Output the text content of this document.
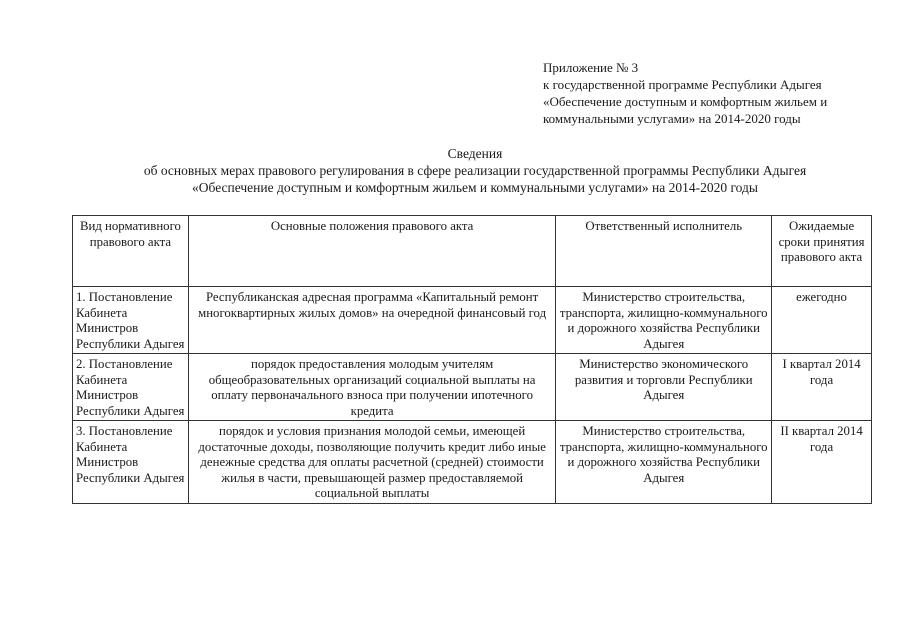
Приложение № 3
к государственной программе Республики Адыгея
«Обеспечение доступным и комфортным жильем и
коммунальными услугами» на 2014-2020 годы
Сведения
об основных мерах правового регулирования в сфере реализации государственной программы Республики Адыгея
«Обеспечение доступным и комфортным жильем и коммунальными услугами» на 2014-2020 годы
Вид нормативного правового акта	Основные положения правового акта	Ответственный исполнитель	Ожидаемые сроки принятия правового акта
1. Постановление Кабинета Министров Республики Адыгея	Республиканская адресная программа «Капитальный ремонт многоквартирных жилых домов» на очередной финансовый год	Министерство строительства, транспорта, жилищно-коммунального и дорожного хозяйства Республики Адыгея	ежегодно
2. Постановление Кабинета Министров Республики Адыгея	порядок предоставления молодым учителям общеобразовательных организаций социальной выплаты на оплату первоначального взноса при получении ипотечного кредита	Министерство экономического развития и торговли Республики Адыгея	I квартал 2014 года
3. Постановление Кабинета Министров Республики Адыгея	порядок и условия признания молодой семьи, имеющей достаточные доходы, позволяющие получить кредит либо иные денежные средства для оплаты расчетной (средней) стоимости жилья в части, превышающей размер предоставляемой социальной выплаты	Министерство строительства, транспорта, жилищно-коммунального и дорожного хозяйства Республики Адыгея	II квартал 2014 года
